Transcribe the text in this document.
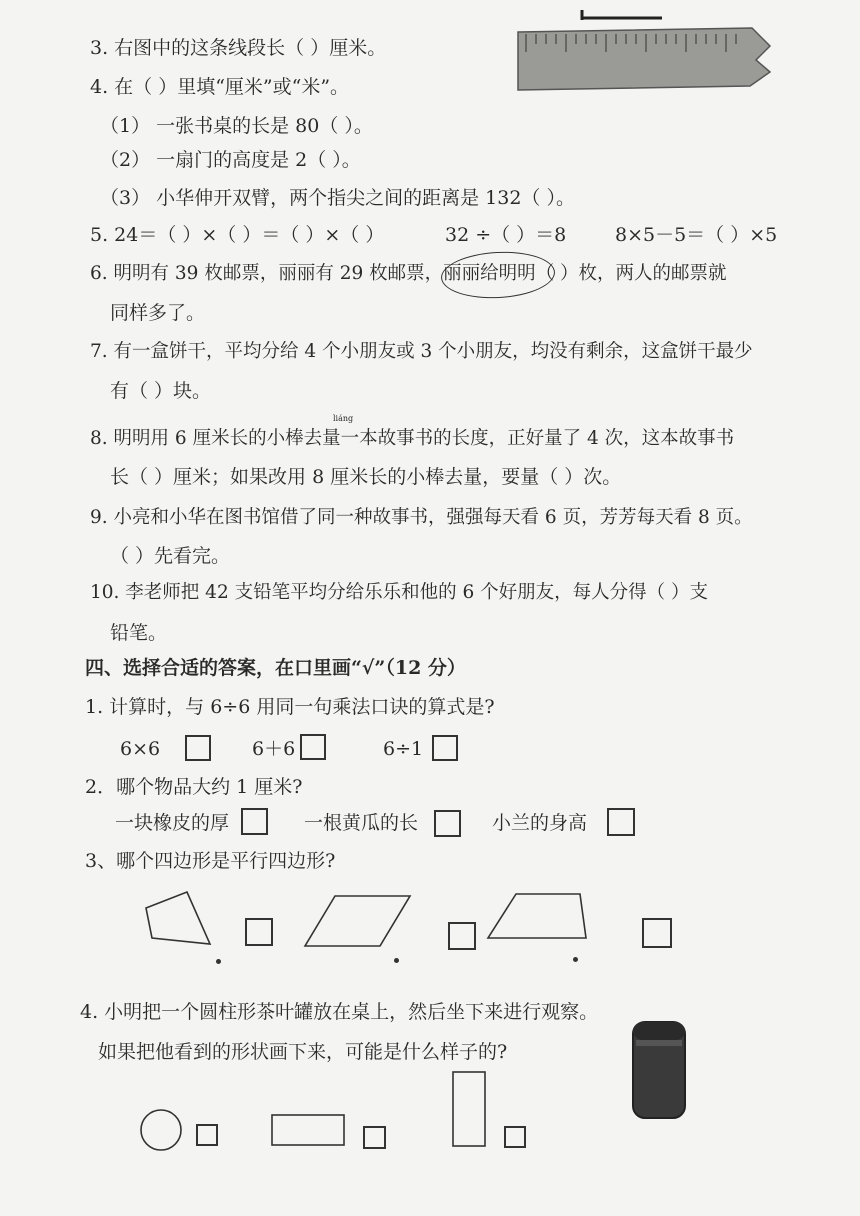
3. 右图中的这条线段长（ ）厘米。
4. 在（ ）里填“厘米”或“米”。
（1） 一张书桌的长是 80（ ）。
（2） 一扇门的高度是 2（ ）。
（3） 小华伸开双臂，两个指尖之间的距离是 132（ ）。
5. 24＝（ ）×（ ）＝（ ）×（ ）	32 ÷（ ）＝8	8×5－5＝（ ）×5
6. 明明有 39 枚邮票，丽丽有 29 枚邮票，丽丽给明明（ ）枚，两人的邮票就
同样多了。
7. 有一盒饼干，平均分给 4 个小朋友或 3 个小朋友，均没有剩余，这盒饼干最少
有（ ）块。
liáng
8. 明明用 6 厘米长的小棒去量一本故事书的长度，正好量了 4 次，这本故事书
长（ ）厘米；如果改用 8 厘米长的小棒去量，要量（ ）次。
9. 小亮和小华在图书馆借了同一种故事书，强强每天看 6 页，芳芳每天看 8 页。
（ ）先看完。
10. 李老师把 42 支铅笔平均分给乐乐和他的 6 个好朋友，每人分得（ ）支
铅笔。
四、选择合适的答案，在口里画“√”（12 分）
1. 计算时，与 6÷6 用同一句乘法口诀的算式是?
6×6	6＋6	6÷1
2．哪个物品大约 1 厘米?
一块橡皮的厚	一根黄瓜的长	小兰的身高
3、哪个四边形是平行四边形?
4. 小明把一个圆柱形茶叶罐放在桌上，然后坐下来进行观察。
如果把他看到的形状画下来，可能是什么样子的?
